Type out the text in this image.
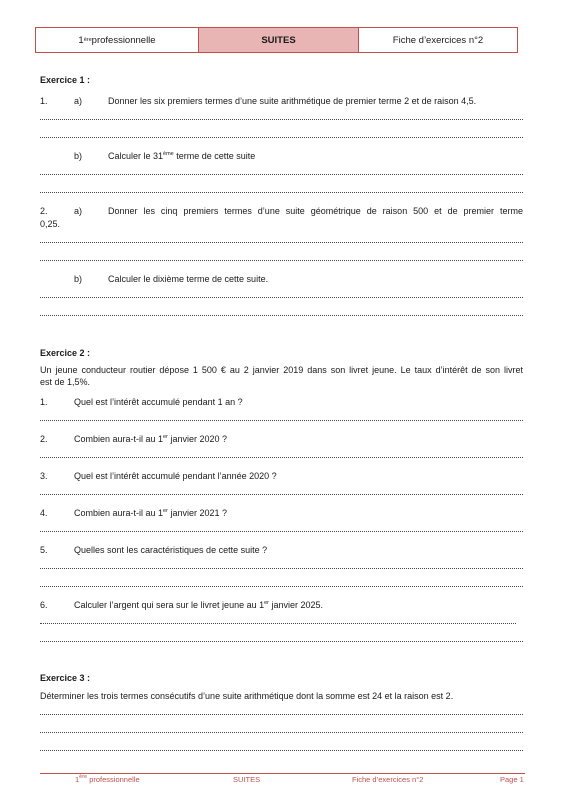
1 ère professionnelle	SUITES	Fiche d’exercices n°2
Exercice 1 :
1.	a)	Donner les six premiers termes d’une suite arithmétique de premier terme 2 et de raison 4,5.
b)	Calculer le 31ème terme de cette suite
2.	a)	Donner les cinq premiers termes d’une suite géométrique de raison 500 et de premier terme
0,25.
b)	Calculer le dixième terme de cette suite.
Exercice 2 :
Un jeune conducteur routier dépose 1 500 € au 2 janvier 2019 dans son livret jeune. Le taux d’intérêt de son livret
est de 1,5%.
1.	Quel est l’intérêt accumulé pendant 1 an ?
2.	Combien aura-t-il au 1er janvier 2020 ?
3.	Quel est l’intérêt accumulé pendant l’année 2020 ?
4.	Combien aura-t-il au 1er janvier 2021 ?
5.	Quelles sont les caractéristiques de cette suite ?
6.	Calculer l’argent qui sera sur le livret jeune au 1er janvier 2025.
Exercice 3 :
Déterminer les trois termes consécutifs d’une suite arithmétique dont la somme est 24 et la raison est 2.
1ère professionnelle	SUITES	Fiche d’exercices n°2	Page 1
